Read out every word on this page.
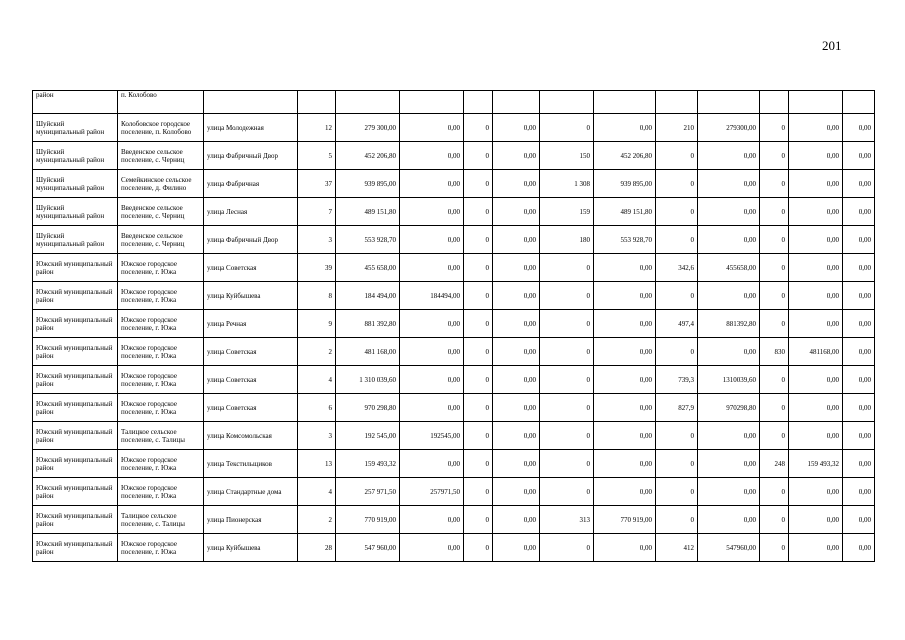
201
район	п. Колобово													
Шуйский муниципальный район	Колобовское городское поселение, п. Колобово	улица Молодежная	12	279 300,00	0,00	0	0,00	0	0,00	210	279300,00	0	0,00	0,00
Шуйский муниципальный район	Введенское сельское поселение, с. Черниц	улица Фабричный Двор	5	452 206,80	0,00	0	0,00	150	452 206,80	0	0,00	0	0,00	0,00
Шуйский муниципальный район	Семейкинское сельское поселение, д. Филино	улица Фабричная	37	939 895,00	0,00	0	0,00	1 308	939 895,00	0	0,00	0	0,00	0,00
Шуйский муниципальный район	Введенское сельское поселение, с. Черниц	улица Лесная	7	489 151,80	0,00	0	0,00	159	489 151,80	0	0,00	0	0,00	0,00
Шуйский муниципальный район	Введенское сельское поселение, с. Черниц	улица Фабричный Двор	3	553 928,70	0,00	0	0,00	180	553 928,70	0	0,00	0	0,00	0,00
Южский муниципальный район	Южское городское поселение, г. Южа	улица Советская	39	455 658,00	0,00	0	0,00	0	0,00	342,6	455658,00	0	0,00	0,00
Южский муниципальный район	Южское городское поселение, г. Южа	улица Куйбышева	8	184 494,00	184494,00	0	0,00	0	0,00	0	0,00	0	0,00	0,00
Южский муниципальный район	Южское городское поселение, г. Южа	улица Речная	9	881 392,80	0,00	0	0,00	0	0,00	497,4	881392,80	0	0,00	0,00
Южский муниципальный район	Южское городское поселение, г. Южа	улица Советская	2	481 168,00	0,00	0	0,00	0	0,00	0	0,00	830	481168,00	0,00
Южский муниципальный район	Южское городское поселение, г. Южа	улица Советская	4	1 310 039,60	0,00	0	0,00	0	0,00	739,3	1310039,60	0	0,00	0,00
Южский муниципальный район	Южское городское поселение, г. Южа	улица Советская	6	970 298,80	0,00	0	0,00	0	0,00	827,9	970298,80	0	0,00	0,00
Южский муниципальный район	Талицкое сельское поселение, с. Талицы	улица Комсомольская	3	192 545,00	192545,00	0	0,00	0	0,00	0	0,00	0	0,00	0,00
Южский муниципальный район	Южское городское поселение, г. Южа	улица Текстильщиков	13	159 493,32	0,00	0	0,00	0	0,00	0	0,00	248	159 493,32	0,00
Южский муниципальный район	Южское городское поселение, г. Южа	улица Стандартные дома	4	257 971,50	257971,50	0	0,00	0	0,00	0	0,00	0	0,00	0,00
Южский муниципальный район	Талицкое сельское поселение, с. Талицы	улица Пионерская	2	770 919,00	0,00	0	0,00	313	770 919,00	0	0,00	0	0,00	0,00
Южский муниципальный район	Южское городское поселение, г. Южа	улица Куйбышева	28	547 960,00	0,00	0	0,00	0	0,00	412	547960,00	0	0,00	0,00
